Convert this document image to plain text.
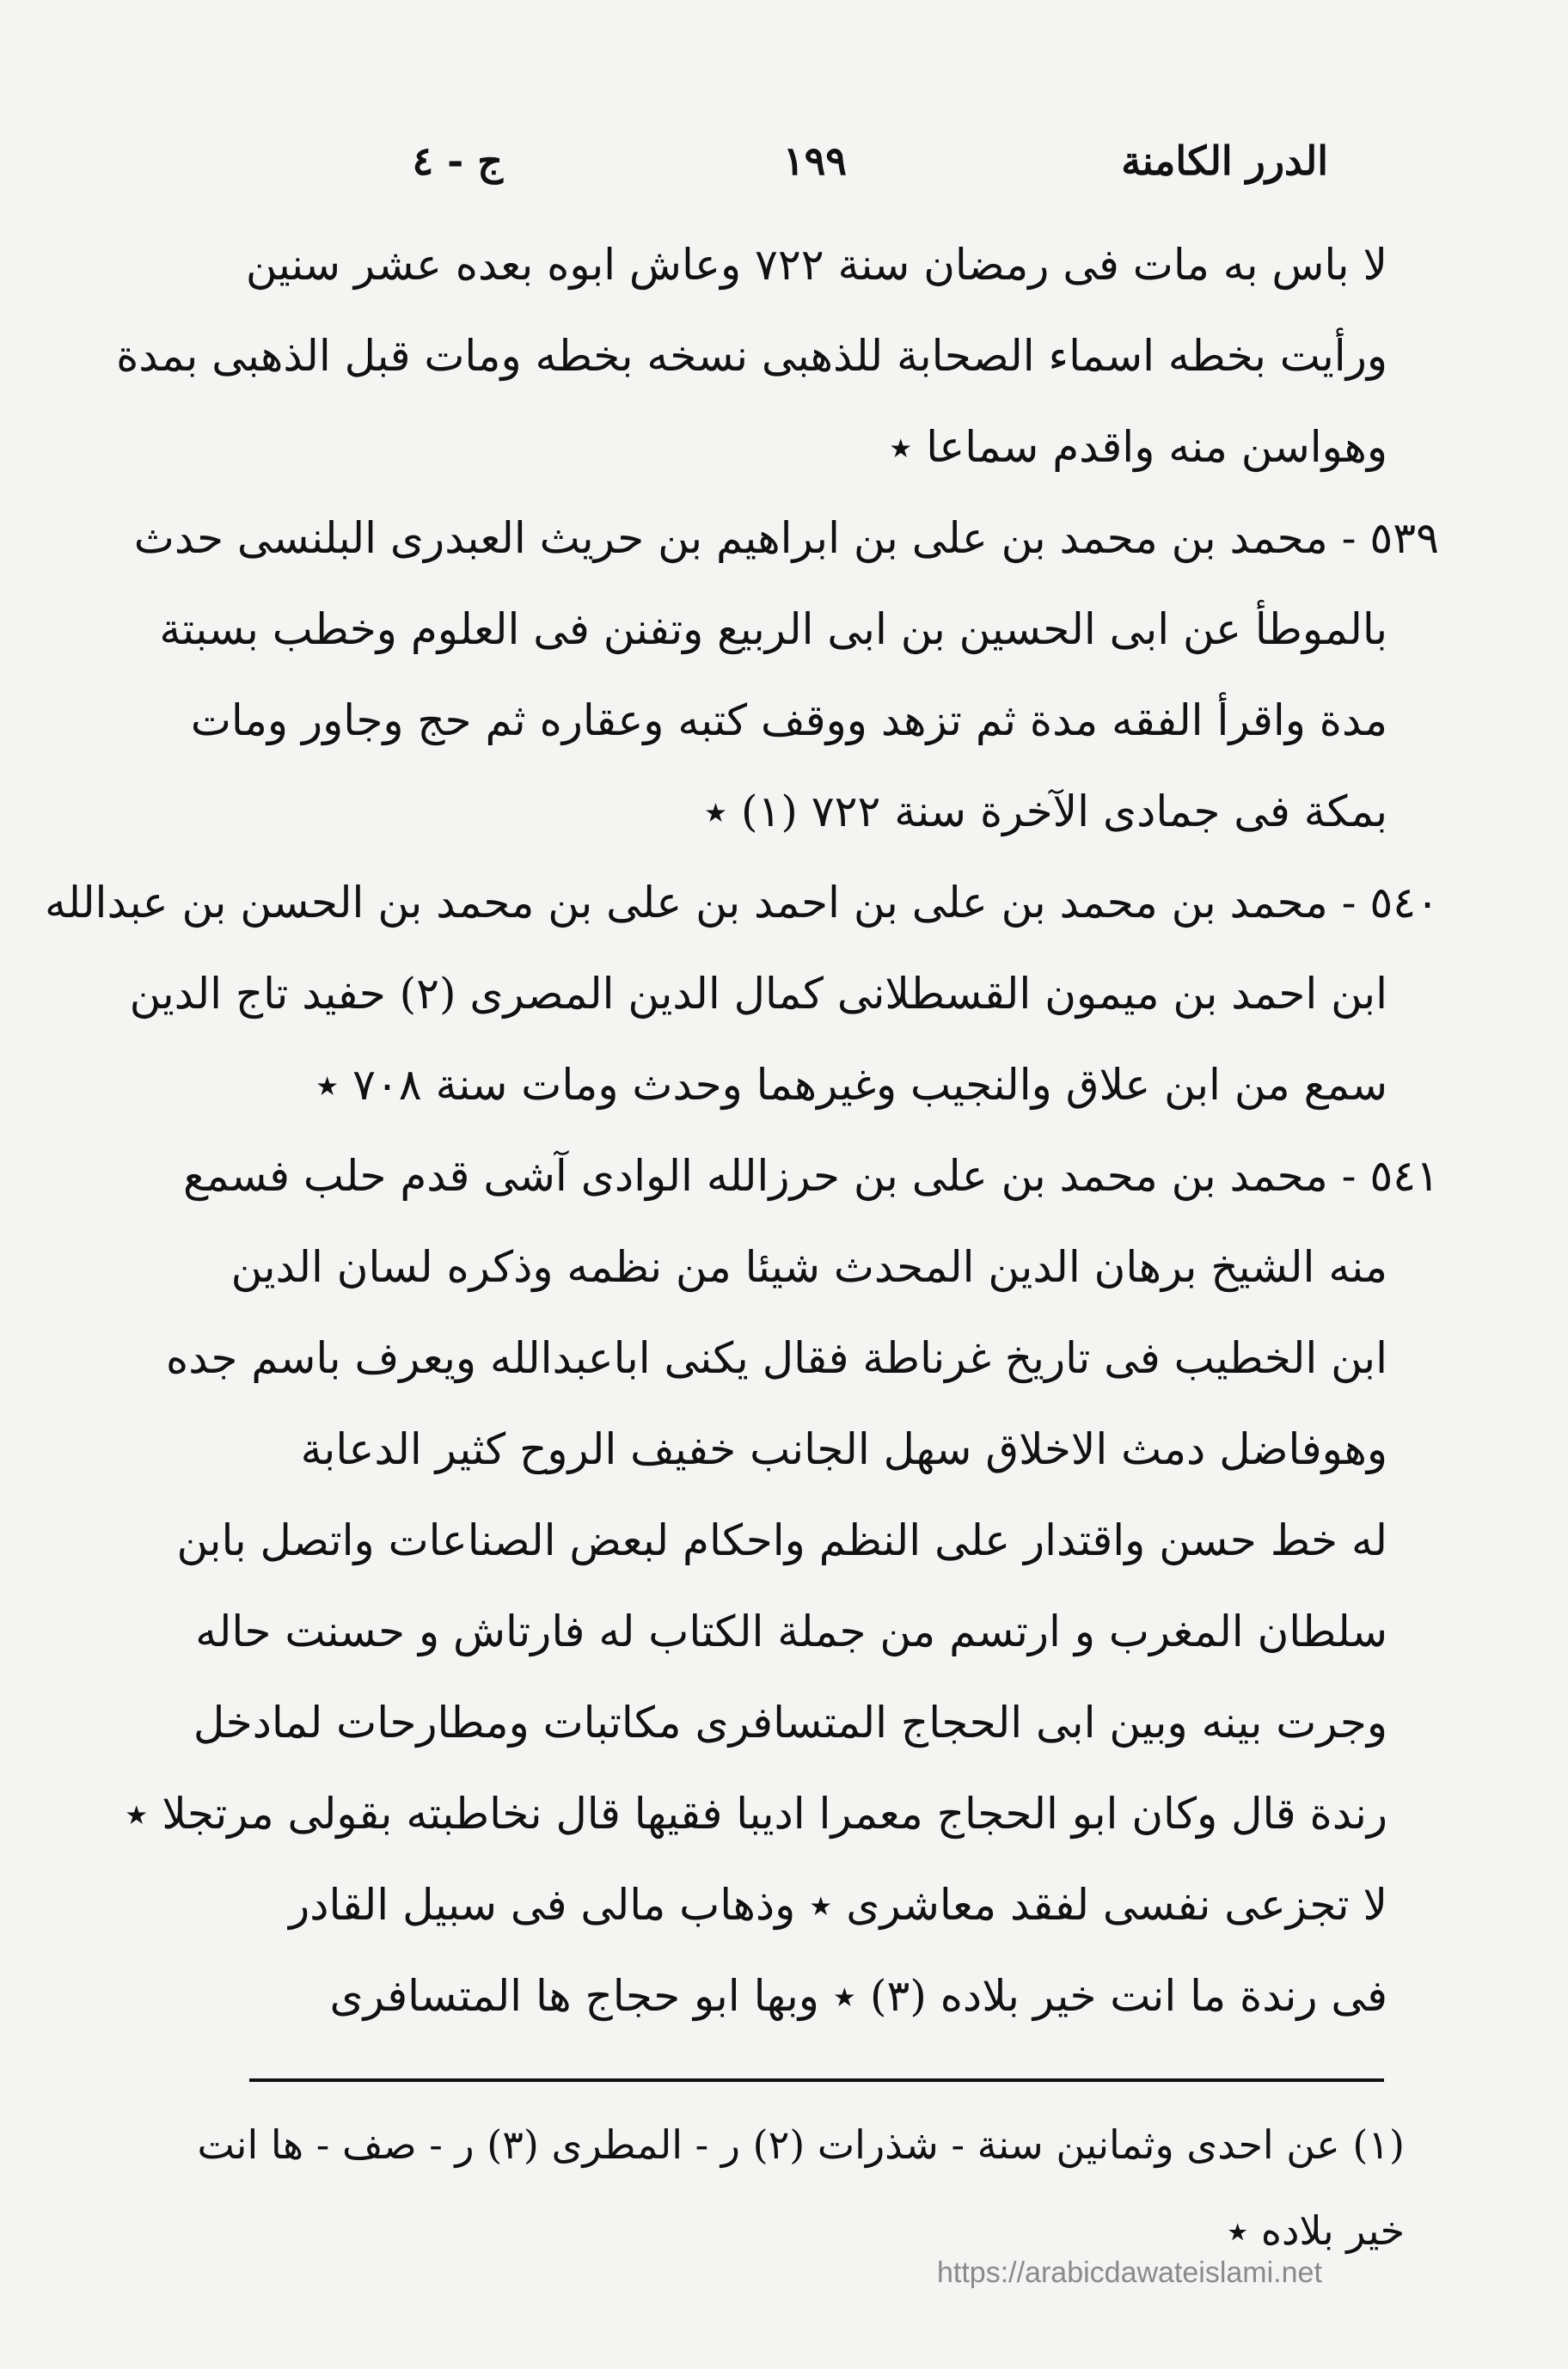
الدرر الكامنة
١٩٩
ج - ٤
لا باس به مات فى رمضان سنة ٧٢٢ وعاش ابوه بعده عشر سنين
ورأيت بخطه اسماء الصحابة للذهبى نسخه بخطه ومات قبل الذهبى بمدة
وهواسن منه واقدم سماعا ٭
٥٣٩ - محمد بن محمد بن على بن ابراهيم بن حريث العبدرى البلنسى حدث
بالموطأ عن ابى الحسين بن ابى الربيع وتفنن فى العلوم وخطب بسبتة
مدة واقرأ الفقه مدة ثم تزهد ووقف كتبه وعقاره ثم حج وجاور ومات
بمكة فى جمادى الآخرة سنة ٧٢٢ (١) ٭
٥٤٠ - محمد بن محمد بن على بن احمد بن على بن محمد بن الحسن بن عبدالله
ابن احمد بن ميمون القسطلانى كمال الدين المصرى (٢) حفيد تاج الدين
سمع من ابن علاق والنجيب وغيرهما وحدث ومات سنة ٧٠٨ ٭
٥٤١ - محمد بن محمد بن على بن حرزالله الوادى آشى قدم حلب فسمع
منه الشيخ برهان الدين المحدث شيئا من نظمه وذكره لسان الدين
ابن الخطيب فى تاريخ غرناطة فقال يكنى اباعبدالله ويعرف باسم جده
وهوفاضل دمث الاخلاق سهل الجانب خفيف الروح كثير الدعابة
له خط حسن واقتدار على النظم واحكام لبعض الصناعات واتصل بابن
سلطان المغرب و ارتسم من جملة الكتاب له فارتاش و حسنت حاله
وجرت بينه وبين ابى الحجاج المتسافرى مكاتبات ومطارحات لمادخل
رندة قال وكان ابو الحجاج معمرا اديبا فقيها قال نخاطبته بقولى مرتجلا ٭
لا تجزعى نفسى لفقد معاشرى ٭ وذهاب مالى فى سبيل القادر
فى رندة ما انت خير بلاده (٣) ٭ وبها ابو حجاج ها المتسافرى
(١) عن احدى وثمانين سنة - شذرات (٢) ر - المطرى (٣) ر - صف - ها انت
خير بلاده ٭
https://arabicdawateislami.net
